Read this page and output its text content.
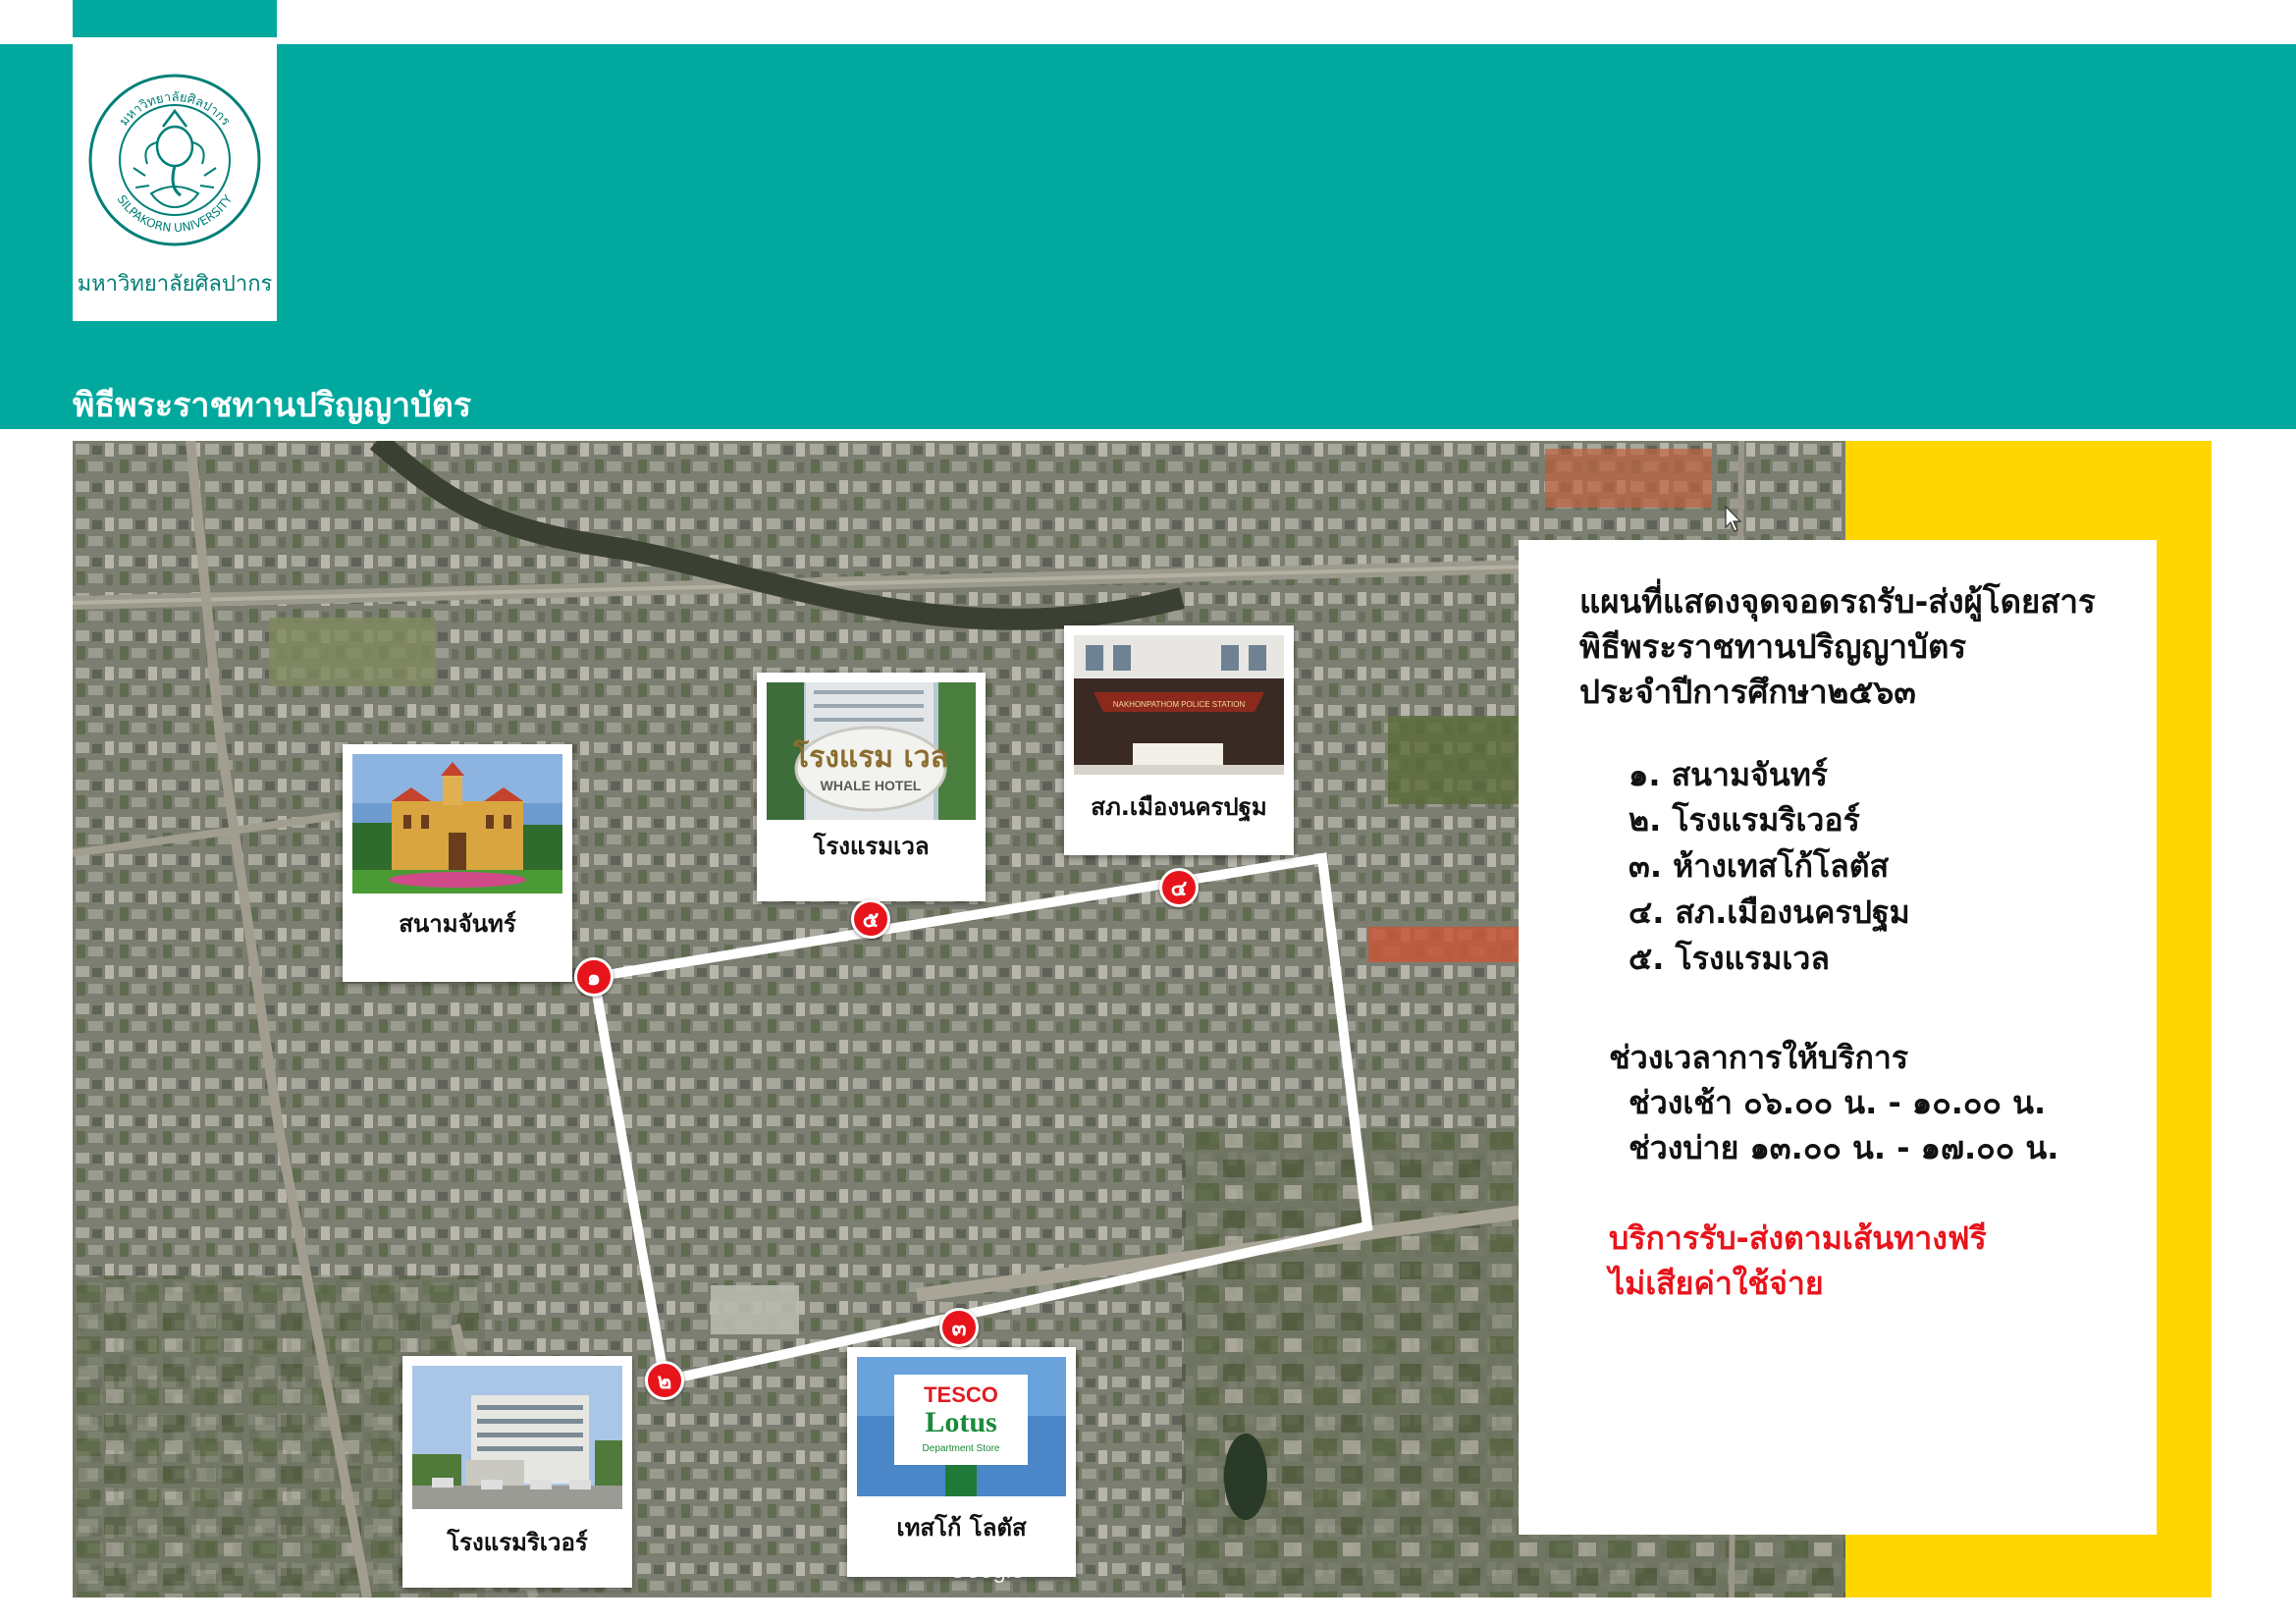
พิธีพระราชทานปริญญาบัตร
มหาวิทยาลัยศิลปากร
SILPAKORN UNIVERSITY
มหาวิทยาลัยศิลปากร
สนามจันทร์
โรงแรม เวล
WHALE HOTEL
โรงแรมเวล
NAKHONPATHOM POLICE STATION
สภ.เมืองนครปฐม
โรงแรมริเวอร์
TESCO
Lotus
Department Store
เทสโก้ โลตัส
๑
๒
๓
๔
๕
Google
แผนที่แสดงจุดจอดรถรับ-ส่งผู้โดยสาร
พิธีพระราชทานปริญญาบัตร
ประจำปีการศึกษา๒๕๖๓
๑. สนามจันทร์
๒. โรงแรมริเวอร์
๓. ห้างเทสโก้โลตัส
๔. สภ.เมืองนครปฐม
๕. โรงแรมเวล
ช่วงเวลาการให้บริการ
ช่วงเช้า ๐๖.๐๐ น. - ๑๐.๐๐ น.
ช่วงบ่าย ๑๓.๐๐ น. - ๑๗.๐๐ น.
บริการรับ-ส่งตามเส้นทางฟรี
ไม่เสียค่าใช้จ่าย
